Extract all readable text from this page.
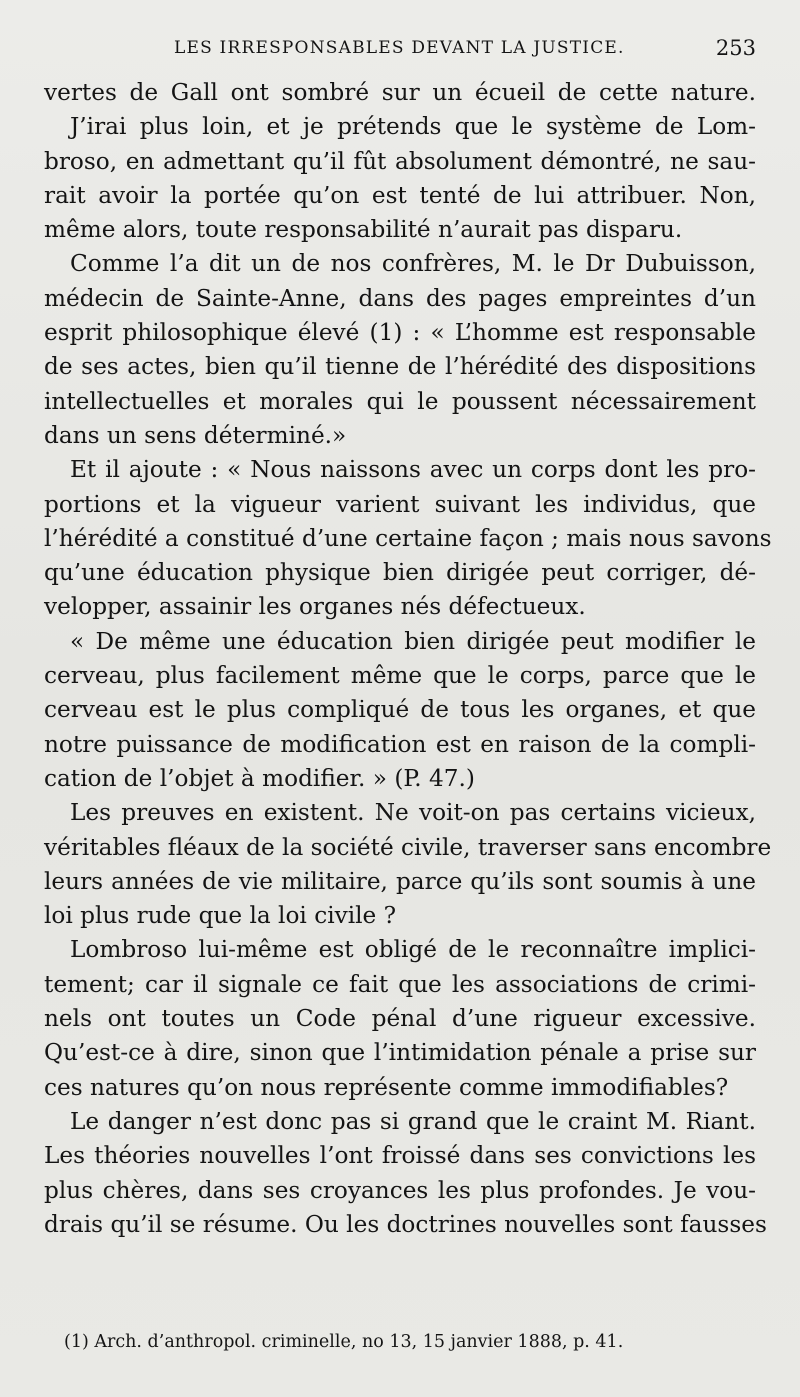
LES IRRESPONSABLES DEVANT LA JUSTICE.	253
vertes de Gall ont sombré sur un écueil de cette nature.
J’irai plus loin, et je prétends que le système de Lom-
broso, en admettant qu’il fût absolument démontré, ne sau-
rait avoir la portée qu’on est tenté de lui attribuer. Non,
même alors, toute responsabilité n’aurait pas disparu.
Comme l’a dit un de nos confrères, M. le Dr Dubuisson,
médecin de Sainte-Anne, dans des pages empreintes d’un
esprit philosophique élevé (1) : « L’homme est responsable
de ses actes, bien qu’il tienne de l’hérédité des dispositions
intellectuelles et morales qui le poussent nécessairement
dans un sens déterminé.»
Et il ajoute : « Nous naissons avec un corps dont les pro-
portions et la vigueur varient suivant les individus, que
l’hérédité a constitué d’une certaine façon ; mais nous savons
qu’une éducation physique bien dirigée peut corriger, dé-
velopper, assainir les organes nés défectueux.
« De même une éducation bien dirigée peut modifier le
cerveau, plus facilement même que le corps, parce que le
cerveau est le plus compliqué de tous les organes, et que
notre puissance de modification est en raison de la compli-
cation de l’objet à modifier. » (P. 47.)
Les preuves en existent. Ne voit-on pas certains vicieux,
véritables fléaux de la société civile, traverser sans encombre
leurs années de vie militaire, parce qu’ils sont soumis à une
loi plus rude que la loi civile ?
Lombroso lui-même est obligé de le reconnaître implici-
tement; car il signale ce fait que les associations de crimi-
nels ont toutes un Code pénal d’une rigueur excessive.
Qu’est-ce à dire, sinon que l’intimidation pénale a prise sur
ces natures qu’on nous représente comme immodifiables?
Le danger n’est donc pas si grand que le craint M. Riant.
Les théories nouvelles l’ont froissé dans ses convictions les
plus chères, dans ses croyances les plus profondes. Je vou-
drais qu’il se résume. Ou les doctrines nouvelles sont fausses
(1) Arch. d’anthropol. criminelle, no 13, 15 janvier 1888, p. 41.
